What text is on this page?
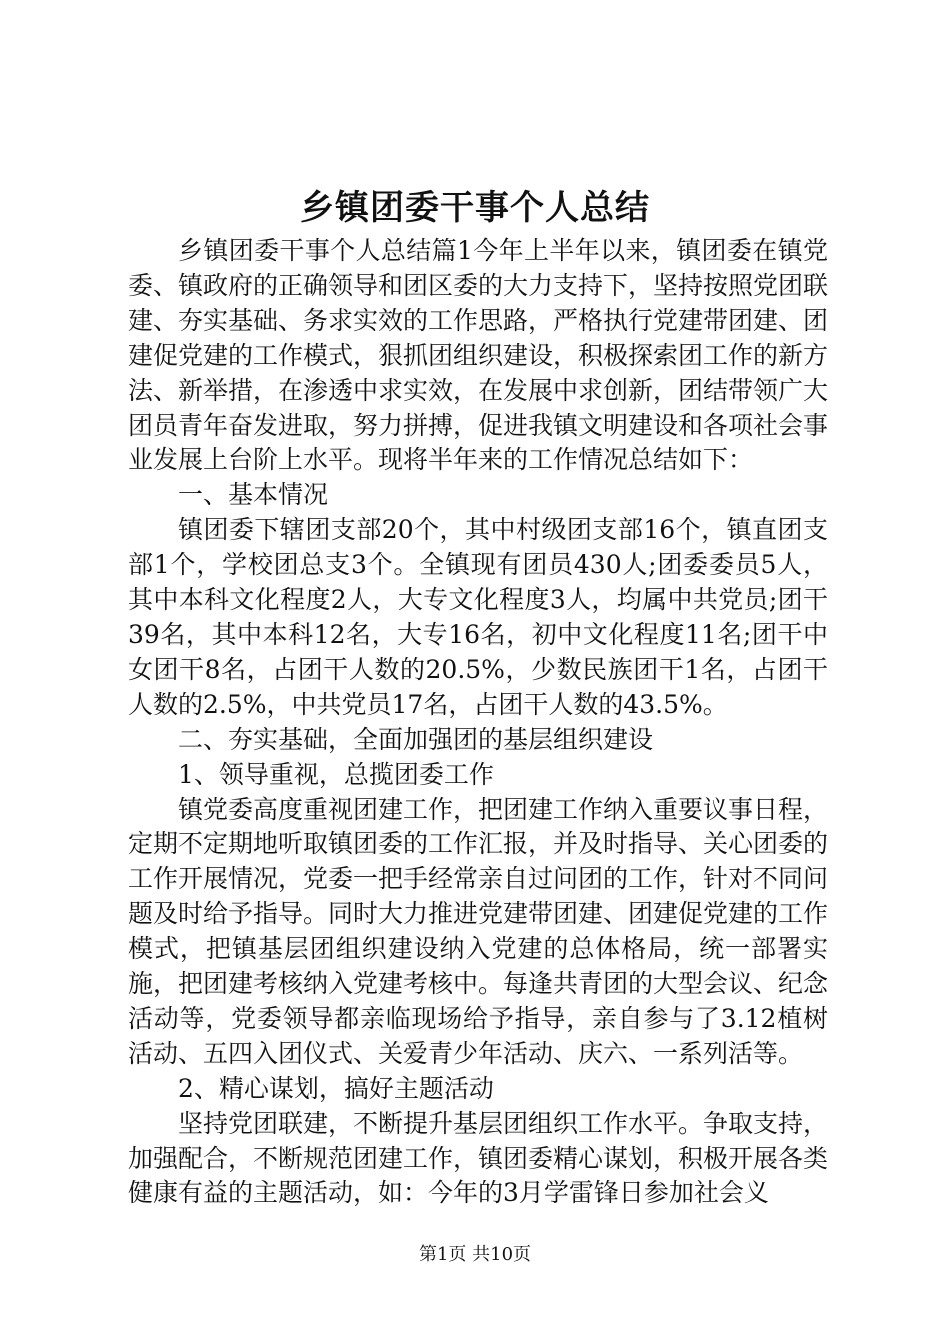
乡镇团委干事个人总结

乡镇团委干事个人总结篇1今年上半年以来，镇团委在镇党委、镇政府的正确领导和团区委的大力支持下，坚持按照党团联建、夯实基础、务求实效的工作思路，严格执行党建带团建、团建促党建的工作模式，狠抓团组织建设，积极探索团工作的新方法、新举措，在渗透中求实效，在发展中求创新，团结带领广大团员青年奋发进取，努力拼搏，促进我镇文明建设和各项社会事业发展上台阶上水平。现将半年来的工作情况总结如下：

一、基本情况

镇团委下辖团支部20个，其中村级团支部16个，镇直团支部1个，学校团总支3个。全镇现有团员430人;团委委员5人，其中本科文化程度2人，大专文化程度3人，均属中共党员;团干39名，其中本科12名，大专16名，初中文化程度11名;团干中女团干8名，占团干人数的20.5%，少数民族团干1名，占团干人数的2.5%，中共党员17名，占团干人数的43.5%。

二、夯实基础，全面加强团的基层组织建设

1、领导重视，总揽团委工作

镇党委高度重视团建工作，把团建工作纳入重要议事日程，定期不定期地听取镇团委的工作汇报，并及时指导、关心团委的工作开展情况，党委一把手经常亲自过问团的工作，针对不同问题及时给予指导。同时大力推进党建带团建、团建促党建的工作模式，把镇基层团组织建设纳入党建的总体格局，统一部署实施，把团建考核纳入党建考核中。每逢共青团的大型会议、纪念活动等，党委领导都亲临现场给予指导，亲自参与了3.12植树活动、五四入团仪式、关爱青少年活动、庆六、一系列活等。

2、精心谋划，搞好主题活动

坚持党团联建，不断提升基层团组织工作水平。争取支持，加强配合，不断规范团建工作，镇团委精心谋划，积极开展各类健康有益的主题活动，如：今年的3月学雷锋日参加社会义

第1页 共10页
